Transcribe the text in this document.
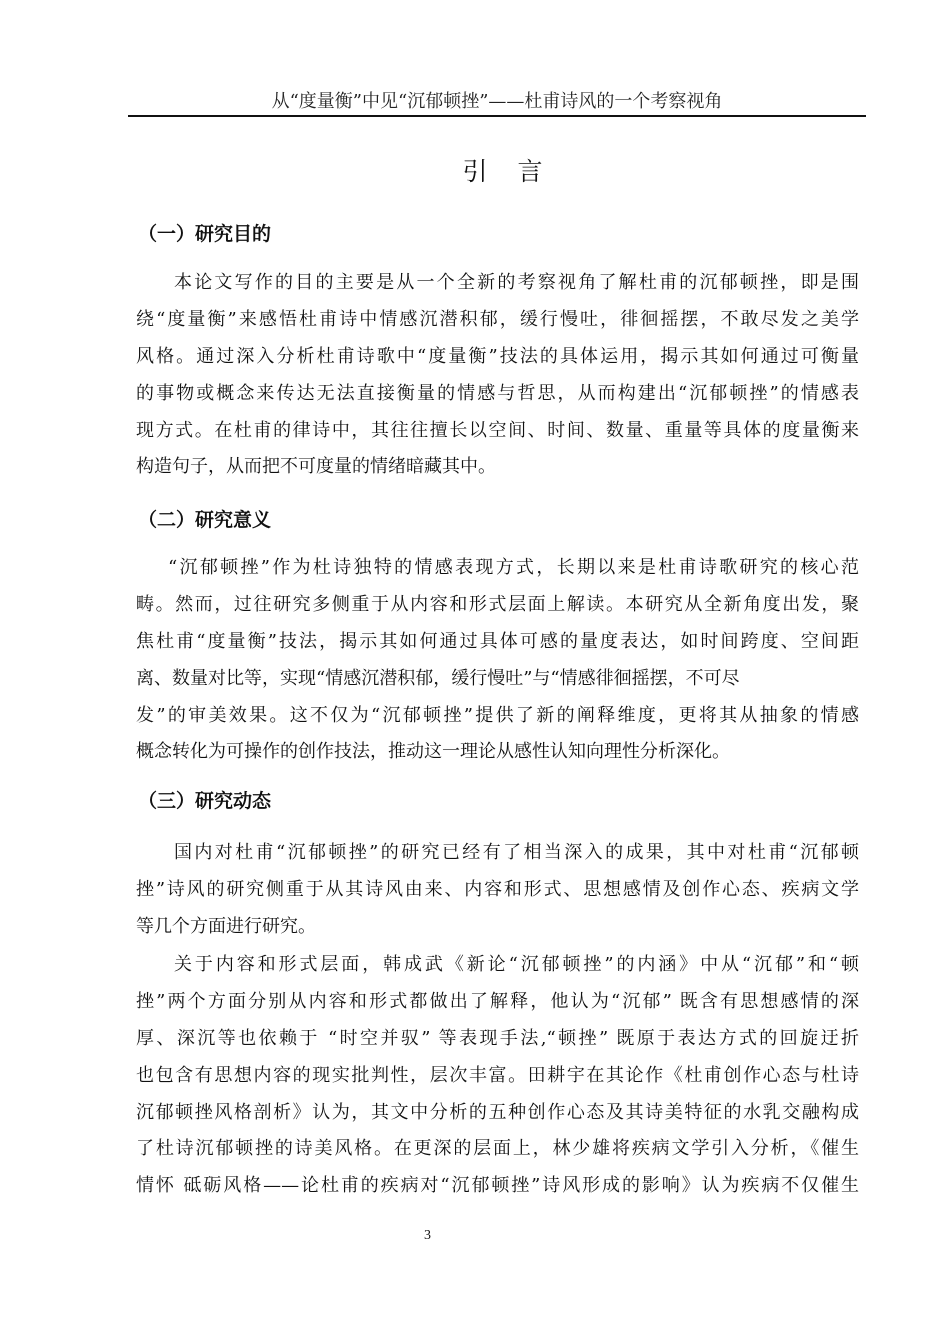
从“度量衡”中见“沉郁顿挫”——杜甫诗风的一个考察视角
引言
（一）研究目的
本论文写作的目的主要是从一个全新的考察视角了解杜甫的沉郁顿挫，即是围
绕“度量衡”来感悟杜甫诗中情感沉潜积郁，缓行慢吐，徘徊摇摆，不敢尽发之美学
风格。通过深入分析杜甫诗歌中“度量衡”技法的具体运用，揭示其如何通过可衡量
的事物或概念来传达无法直接衡量的情感与哲思，从而构建出“沉郁顿挫”的情感表
现方式。在杜甫的律诗中，其往往擅长以空间、时间、数量、重量等具体的度量衡来
构造句子，从而把不可度量的情绪暗藏其中。
（二）研究意义
“沉郁顿挫”作为杜诗独特的情感表现方式，长期以来是杜甫诗歌研究的核心范
畴。然而，过往研究多侧重于从内容和形式层面上解读。本研究从全新角度出发，聚
焦杜甫“度量衡”技法，揭示其如何通过具体可感的量度表达，如时间跨度、空间距
离、数量对比等，实现“情感沉潜积郁，缓行慢吐”与“情感徘徊摇摆，不可尽
发”的审美效果。这不仅为“沉郁顿挫”提供了新的阐释维度，更将其从抽象的情感
概念转化为可操作的创作技法，推动这一理论从感性认知向理性分析深化。
（三）研究动态
国内对杜甫“沉郁顿挫”的研究已经有了相当深入的成果，其中对杜甫“沉郁顿
挫”诗风的研究侧重于从其诗风由来、内容和形式、思想感情及创作心态、疾病文学
等几个方面进行研究。
关于内容和形式层面，韩成武《新论“沉郁顿挫”的内涵》中从“沉郁”和“顿
挫”两个方面分别从内容和形式都做出了解释，他认为“沉郁” 既含有思想感情的深
厚、深沉等也依赖于 “时空并驭” 等表现手法,“顿挫” 既原于表达方式的回旋迂折
也包含有思想内容的现实批判性，层次丰富。田耕宇在其论作《杜甫创作心态与杜诗
沉郁顿挫风格剖析》认为，其文中分析的五种创作心态及其诗美特征的水乳交融构成
了杜诗沉郁顿挫的诗美风格。在更深的层面上，林少雄将疾病文学引入分析，《催生
情怀 砥砺风格——论杜甫的疾病对“沉郁顿挫”诗风形成的影响》认为疾病不仅催生
3
